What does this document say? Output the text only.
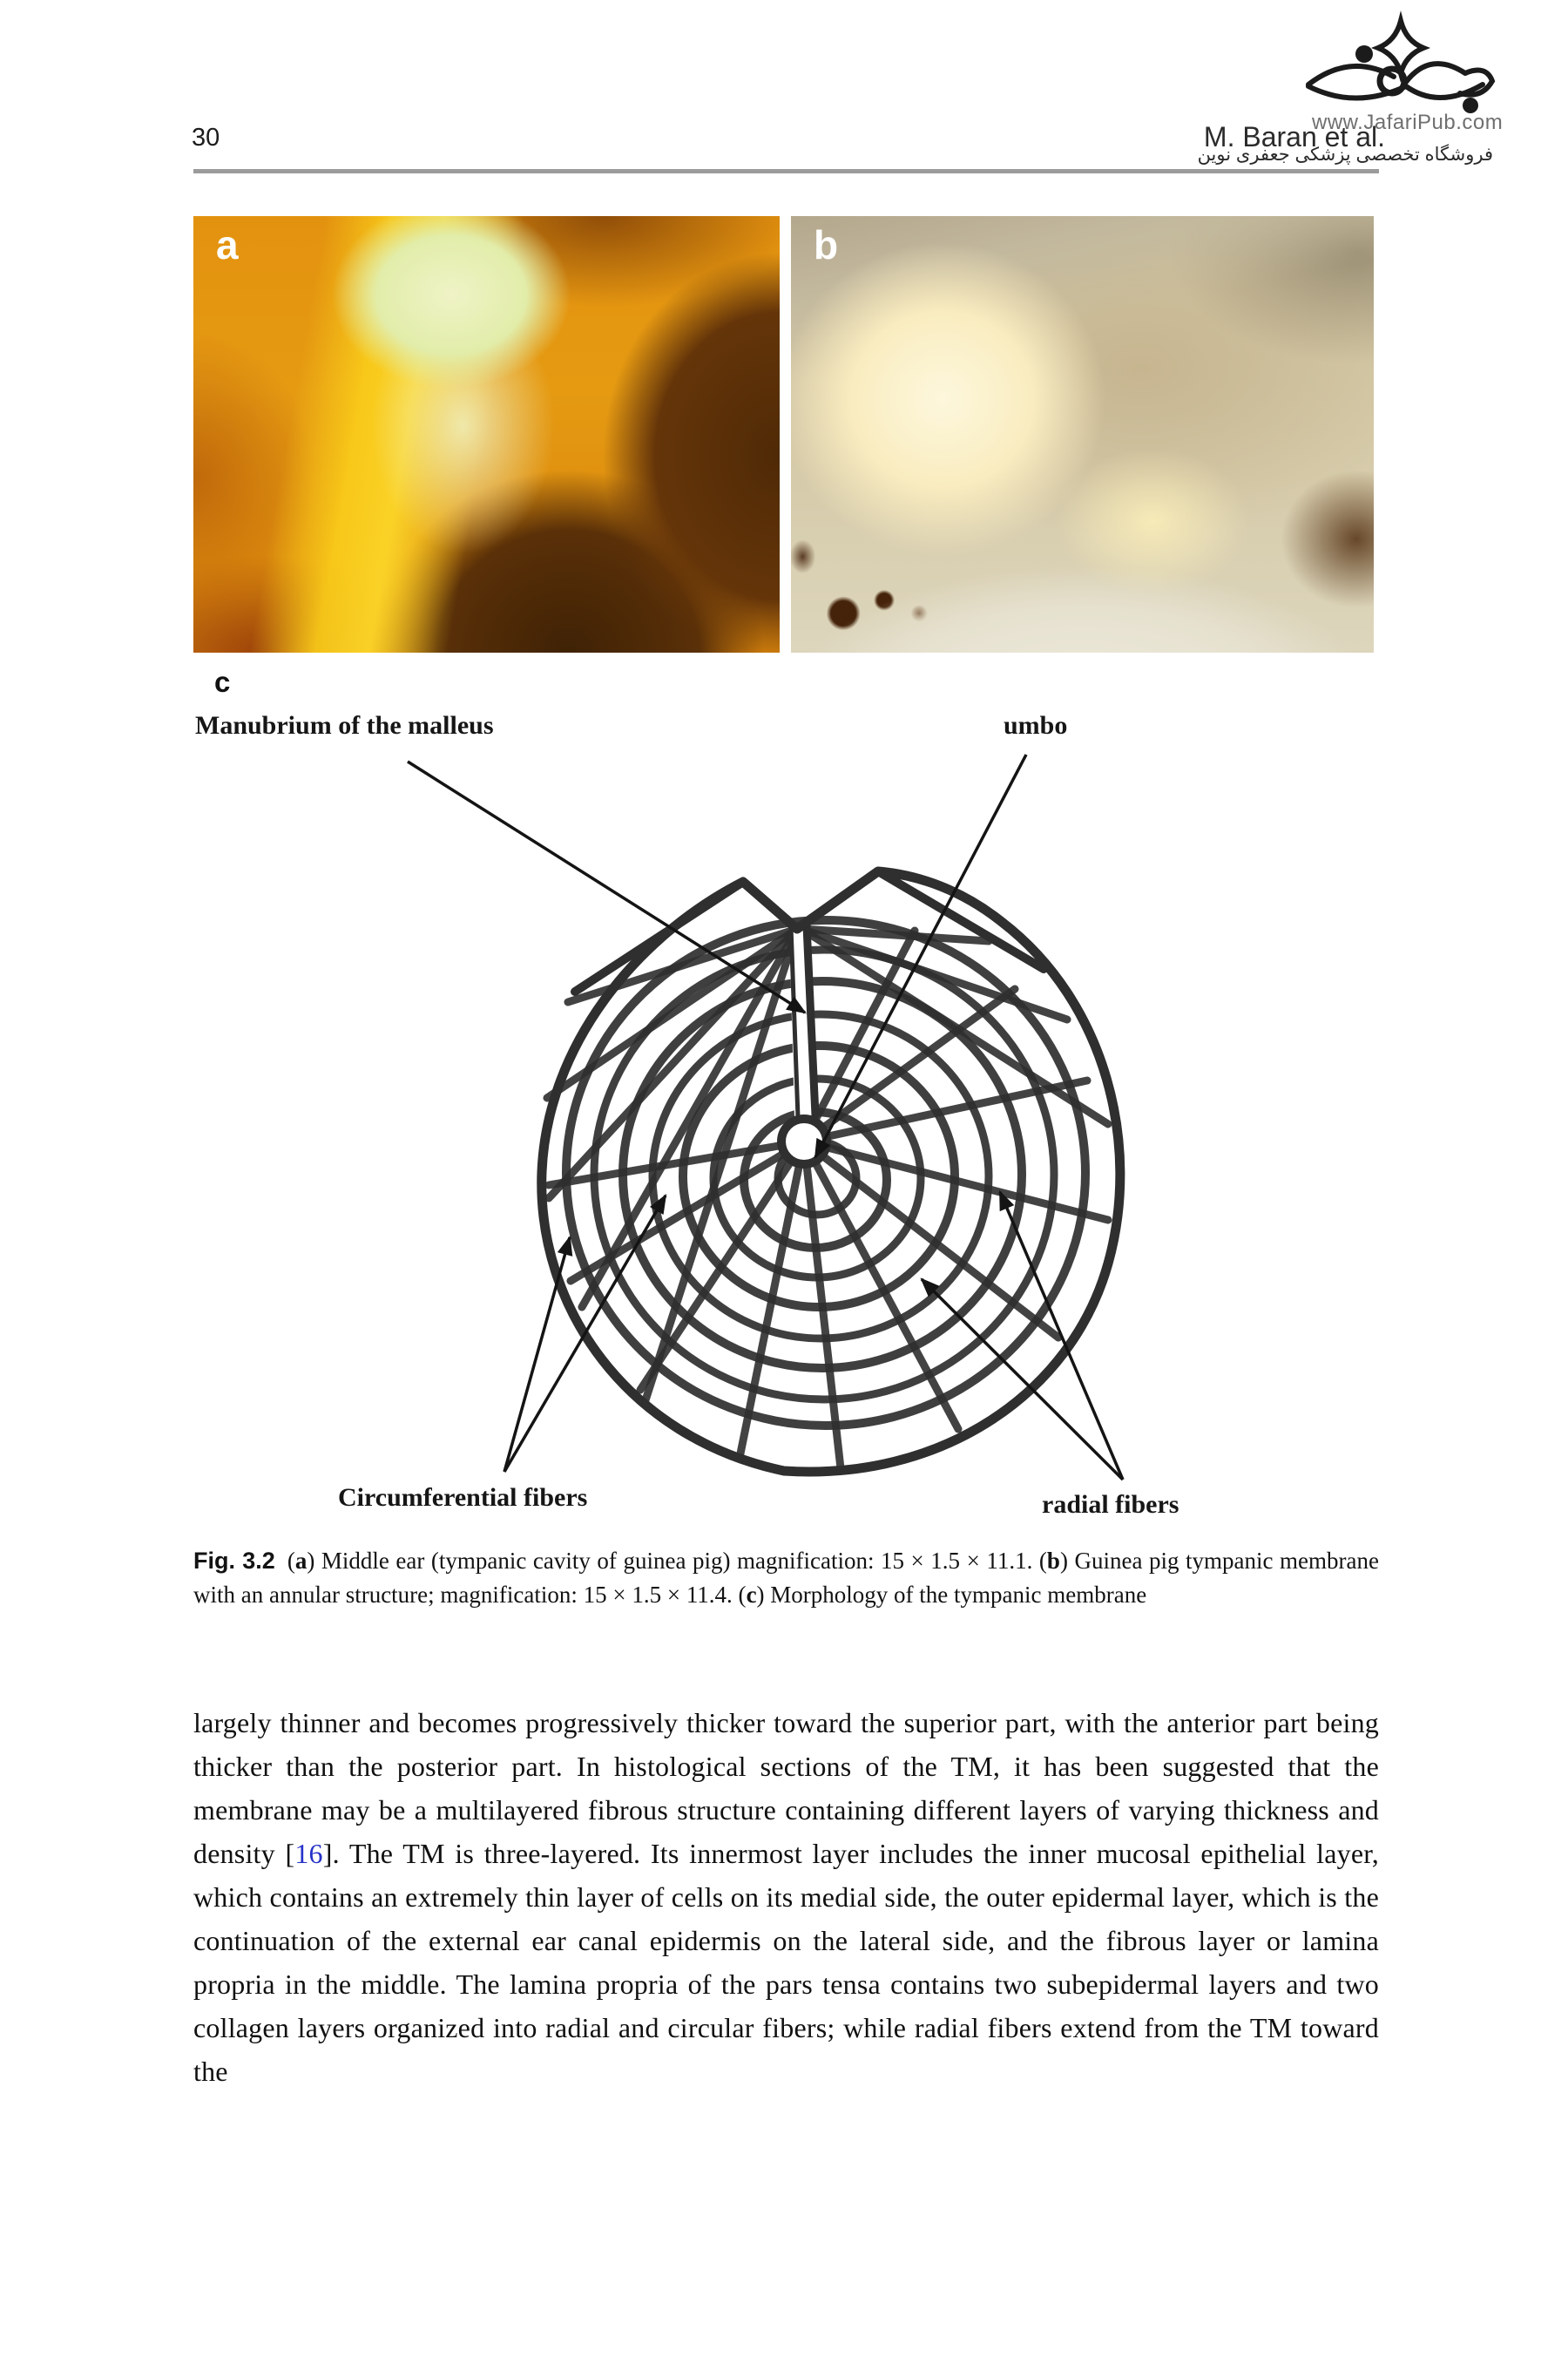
30	M. Baran et al.
www.JafariPub.com
فروشگاه تخصصی پزشکی جعفری نوین
a	b
c
Manubrium of the malleus	umbo
Circumferential fibers	radial fibers
Fig. 3.2 (a) Middle ear (tympanic cavity of guinea pig) magnification: 15 × 1.5 × 11.1. (b) Guinea pig tympanic membrane with an annular structure; magnification: 15 × 1.5 × 11.4. (c) Morphology of the tympanic membrane
largely thinner and becomes progressively thicker toward the superior part, with the anterior part being thicker than the posterior part. In histological sections of the TM, it has been suggested that the membrane may be a multilayered fibrous structure containing different layers of varying thickness and density [16]. The TM is three-layered. Its innermost layer includes the inner mucosal epithelial layer, which contains an extremely thin layer of cells on its medial side, the outer epidermal layer, which is the continuation of the external ear canal epidermis on the lateral side, and the fibrous layer or lamina propria in the middle. The lamina propria of the pars tensa contains two subepidermal layers and two collagen layers organized into radial and circular fibers; while radial fibers extend from the TM toward the
